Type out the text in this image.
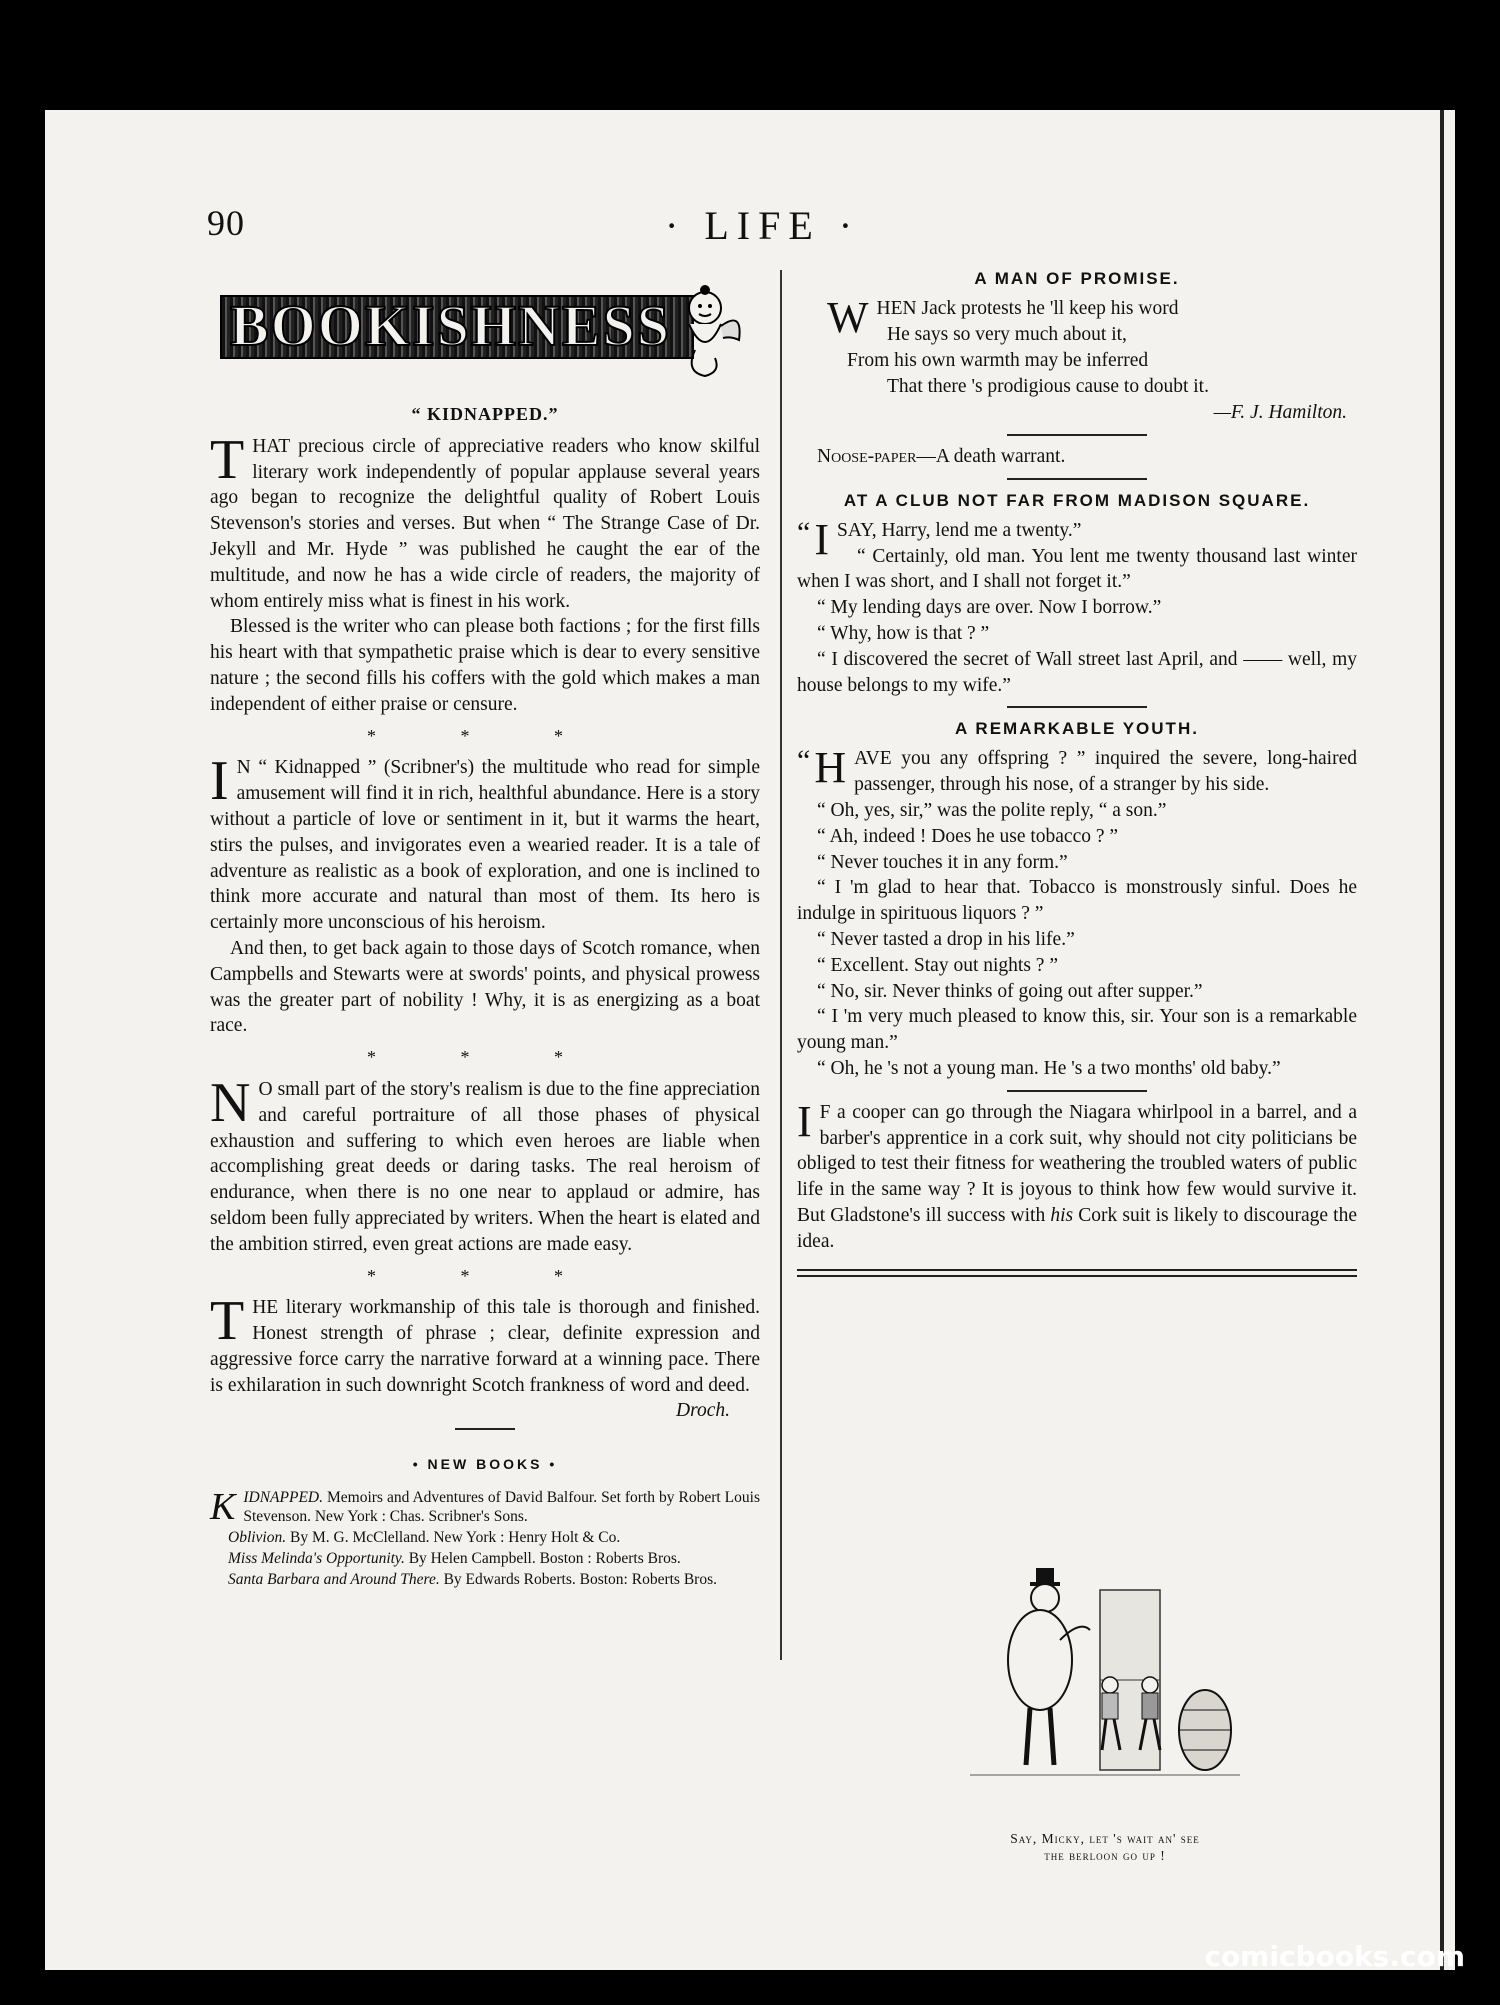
90	· LIFE ·
BOOKISHNESS
“ KIDNAPPED.”

THAT precious circle of appreciative readers who know skilful literary work independently of popular applause several years ago began to recognize the delightful quality of Robert Louis Stevenson's stories and verses. But when “ The Strange Case of Dr. Jekyll and Mr. Hyde ” was published he caught the ear of the multitude, and now he has a wide circle of readers, the majority of whom entirely miss what is finest in his work.

Blessed is the writer who can please both factions ; for the first fills his heart with that sympathetic praise which is dear to every sensitive nature ; the second fills his coffers with the gold which makes a man independent of either praise or censure.

* * *

I N “ Kidnapped ” (Scribner's) the multitude who read for simple amusement will find it in rich, healthful abundance. Here is a story without a particle of love or sentiment in it, but it warms the heart, stirs the pulses, and invigorates even a wearied reader. It is a tale of adventure as realistic as a book of exploration, and one is inclined to think more accurate and natural than most of them. Its hero is certainly more unconscious of his heroism.

And then, to get back again to those days of Scotch romance, when Campbells and Stewarts were at swords' points, and physical prowess was the greater part of nobility ! Why, it is as energizing as a boat race.

* * *

N O small part of the story's realism is due to the fine appreciation and careful portraiture of all those phases of physical exhaustion and suffering to which even heroes are liable when accomplishing great deeds or daring tasks. The real heroism of endurance, when there is no one near to applaud or admire, has seldom been fully appreciated by writers. When the heart is elated and the ambition stirred, even great actions are made easy.

* * *

THE literary workmanship of this tale is thorough and finished. Honest strength of phrase ; clear, definite expression and aggressive force carry the narrative forward at a winning pace. There is exhilaration in such downright Scotch frankness of word and deed.
Droch.

• NEW BOOKS •

KIDNAPPED. Memoirs and Adventures of David Balfour. Set forth by Robert Louis Stevenson. New York : Chas. Scribner's Sons.

Oblivion. By M. G. McClelland. New York : Henry Holt & Co.

Miss Melinda's Opportunity. By Helen Campbell. Boston : Roberts Bros.

Santa Barbara and Around There. By Edwards Roberts. Boston: Roberts Bros.

A MAN OF PROMISE.
WHEN Jack protests he 'll keep his word
He says so very much about it,
From his own warmth may be inferred
That there 's prodigious cause to doubt it.
—F. J. Hamilton.

Noose-paper—A death warrant.

AT A CLUB NOT FAR FROM MADISON SQUARE.

“ I SAY, Harry, lend me a twenty.”

“ Certainly, old man. You lent me twenty thousand last winter when I was short, and I shall not forget it.”

“ My lending days are over. Now I borrow.”

“ Why, how is that ? ”

“ I discovered the secret of Wall street last April, and —— well, my house belongs to my wife.”

A REMARKABLE YOUTH.

“ H AVE you any offspring ? ” inquired the severe, long-haired passenger, through his nose, of a stranger by his side.

“ Oh, yes, sir,” was the polite reply, “ a son.”

“ Ah, indeed ! Does he use tobacco ? ”

“ Never touches it in any form.”

“ I 'm glad to hear that. Tobacco is monstrously sinful. Does he indulge in spirituous liquors ? ”

“ Never tasted a drop in his life.”

“ Excellent. Stay out nights ? ”

“ No, sir. Never thinks of going out after supper.”

“ I 'm very much pleased to know this, sir. Your son is a remarkable young man.”

“ Oh, he 's not a young man. He 's a two months' old baby.”

I F a cooper can go through the Niagara whirlpool in a barrel, and a barber's apprentice in a cork suit, why should not city politicians be obliged to test their fitness for weathering the troubled waters of public life in the same way ? It is joyous to think how few would survive it. But Gladstone's ill success with his Cork suit is likely to discourage the idea.

Say, Micky, let 's wait an' see
the berloon go up !
comicbooks.com
